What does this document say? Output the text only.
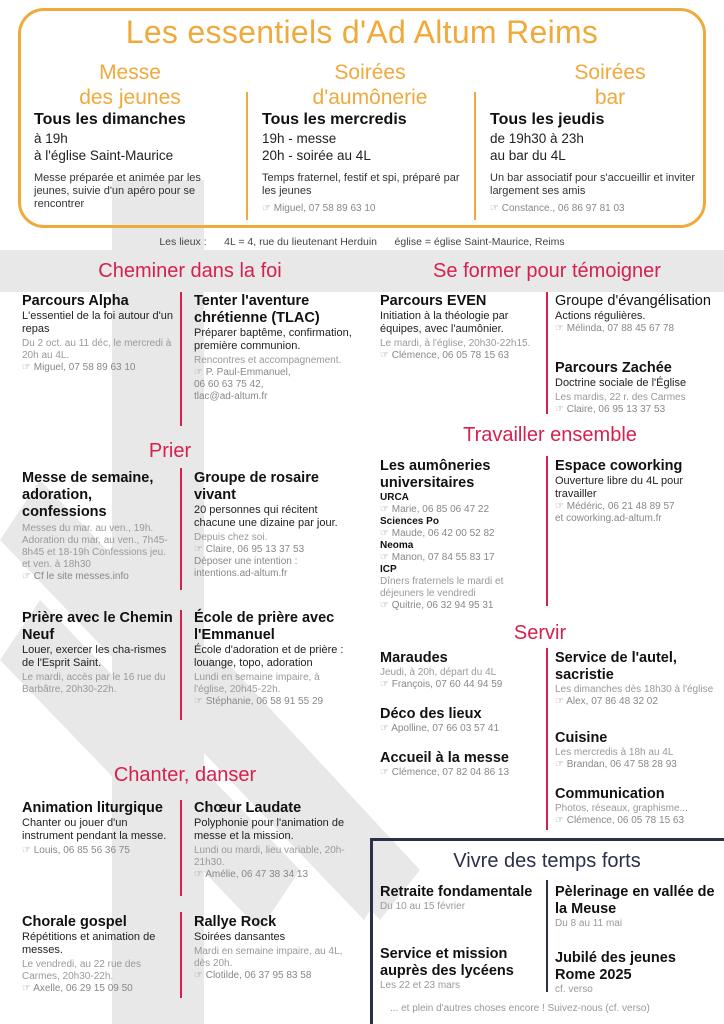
Les essentiels d'Ad Altum Reims
Messe
des jeunes
Soirées
d'aumônerie
Soirées
bar
Tous les dimanches
à 19h
à l'église Saint-Maurice
Messe préparée et animée par les jeunes, suivie d'un apéro pour se rencontrer
Tous les mercredis
19h - messe
20h - soirée au 4L
Temps fraternel, festif et spi, préparé par les jeunes
☞ Miguel, 07 58 89 63 10
Tous les jeudis
de 19h30 à 23h
au bar du 4L
Un bar associatif pour s'accueillir et inviter largement ses amis
☞ Constance., 06 86 97 81 03
Les lieux : 4L = 4, rue du lieutenant Herduin église = église Saint-Maurice, Reims
Cheminer dans la foi
Parcours Alpha
L'essentiel de la foi autour d'un repas
Du 2 oct. au 11 déc, le mercredi à 20h au 4L.
☞ Miguel, 07 58 89 63 10
Tenter l'aventure chrétienne (TLAC)
Préparer baptême, confirmation, première communion.
Rencontres et accompagnement.
☞ P. Paul-Emmanuel,
06 60 63 75 42,
tlac@ad-altum.fr
Prier
Messe de semaine, adoration, confessions
Messes du mar. au ven., 19h. Adoration du mar. au ven., 7h45-8h45 et 18-19h Confessions jeu. et ven. à 18h30
☞ Cf le site messes.info
Groupe de rosaire vivant
20 personnes qui récitent chacune une dizaine par jour.
Depuis chez soi.
☞ Claire, 06 95 13 37 53
Déposer une intention : intentions.ad-altum.fr
Prière avec le Chemin Neuf
Louer, exercer les cha-rismes de l'Esprit Saint.
Le mardi, accès par le 16 rue du Barbâtre, 20h30-22h.
École de prière avec l'Emmanuel
École d'adoration et de prière : louange, topo, adoration
Lundi en semaine impaire, à l'église, 20h45-22h.
☞ Stéphanie, 06 58 91 55 29
Chanter, danser
Animation liturgique
Chanter ou jouer d'un instrument pendant la messe.
☞ Louis, 06 85 56 36 75
Chœur Laudate
Polyphonie pour l'animation de messe et la mission.
Lundi ou mardi, lieu variable, 20h-21h30.
☞ Amélie, 06 47 38 34 13
Chorale gospel
Répétitions et animation de messes.
Le vendredi, au 22 rue des Carmes, 20h30-22h.
☞ Axelle, 06 29 15 09 50
Rallye Rock
Soirées dansantes
Mardi en semaine impaire, au 4L, dès 20h.
☞ Clotilde, 06 37 95 83 58
Se former pour témoigner
Parcours EVEN
Initiation à la théologie par équipes, avec l'aumônier.
Le mardi, à l'église, 20h30-22h15.
☞ Clémence, 06 05 78 15 63
Groupe d'évangélisation
Actions régulières.
☞ Mélinda, 07 88 45 67 78
Parcours Zachée
Doctrine sociale de l'Église
Les mardis, 22 r. des Carmes
☞ Claire, 06 95 13 37 53
Travailler ensemble
Les aumôneries universitaires
URCA
☞ Marie, 06 85 06 47 22
Sciences Po
☞ Maude, 06 42 00 52 82
Neoma
☞ Manon, 07 84 55 83 17
ICP
Dîners fraternels le mardi et déjeuners le vendredi
☞ Quitrie, 06 32 94 95 31
Espace coworking
Ouverture libre du 4L pour travailler
☞ Médéric, 06 21 48 89 57
et coworking.ad-altum.fr
Servir
Maraudes
Jeudi, à 20h, départ du 4L
☞ François, 07 60 44 94 59
Déco des lieux
☞ Apolline, 07 66 03 57 41
Accueil à la messe
☞ Clémence, 07 82 04 86 13
Service de l'autel, sacristie
Les dimanches dès 18h30 à l'église
☞ Alex, 07 86 48 32 02
Cuisine
Les mercredis à 18h au 4L
☞ Brandan, 06 47 58 28 93
Communication
Photos, réseaux, graphisme...
☞ Clémence, 06 05 78 15 63
Vivre des temps forts
Retraite fondamentale
Du 10 au 15 février
Pèlerinage en vallée de la Meuse
Du 8 au 11 mai
Service et mission auprès des lycéens
Les 22 et 23 mars
Jubilé des jeunes Rome 2025
cf. verso
... et plein d'autres choses encore ! Suivez-nous (cf. verso)
